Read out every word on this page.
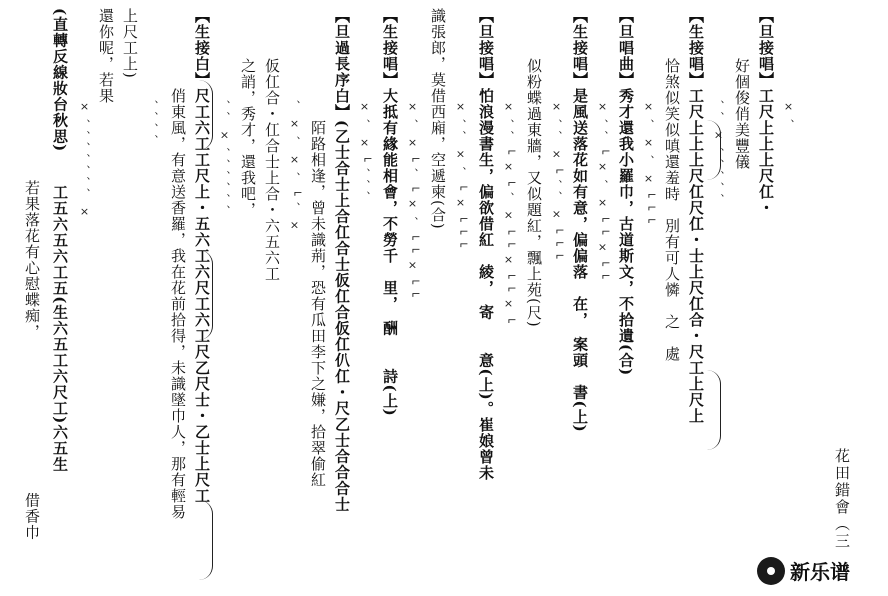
【旦接唱】工尺上上上尺仜・
好個俊俏美豐儀
【生接唱】工尺上上上尺仜尺仜・士上尺仜合・尺工上尺上
恰煞似笑似嗔還羞時　別有可人憐　之　處
【旦唱曲】秀才還我小羅巾，古道斯文，不拾遺(合)
【生接唱】是風送落花如有意，偏偏落　在，　案頭　書(上)
似粉蝶過東牆，又似題紅，飄上苑(尺)
【旦接唱】怕浪漫書生，偏欲借紅　綾，　寄　　意(上)。崔娘曾未
識張郎，莫借西廂，空遞柬(合)
【生接唱】大抵有緣能相會，不勞千　里，　酬　　詩(上)
【旦過長序白】(乙士合士上合仜合士仮仜合仮仜仈仜・尺乙士合合合士
陌路相逢，曾未識荊，恐有瓜田李下之嫌，拾翠偷紅
仮仜合・仜合士上合・六五六工
之誚，秀才，還我吧，
【生接白】尺工六工工尺上・五六工六尺工六工尺乙尺士・乙士上尺工
俏東風，有意送香羅，我在花前拾得，未識墜巾人，那有輕易
上尺工上)
還你呢，若果
(直轉反線妝台秋思)　　工五六五六工五(生六五工六尺工)六五生
若果落花有心慰蝶痴，　　　　　　　　　　借香巾
×、
、、×、、、、、
×、×、×└└└
×、、└×、×└└×└└
×、、×└、、×└└└
×、、└×└、×└└×└└×└
×、、×、└×└└└
×、×└、└×、└└×└└
×、×└、、、
、×、×、└、×
、、×、、、、、、
、、、、
×、、、、、、、×
花田錯會（三
新乐谱
